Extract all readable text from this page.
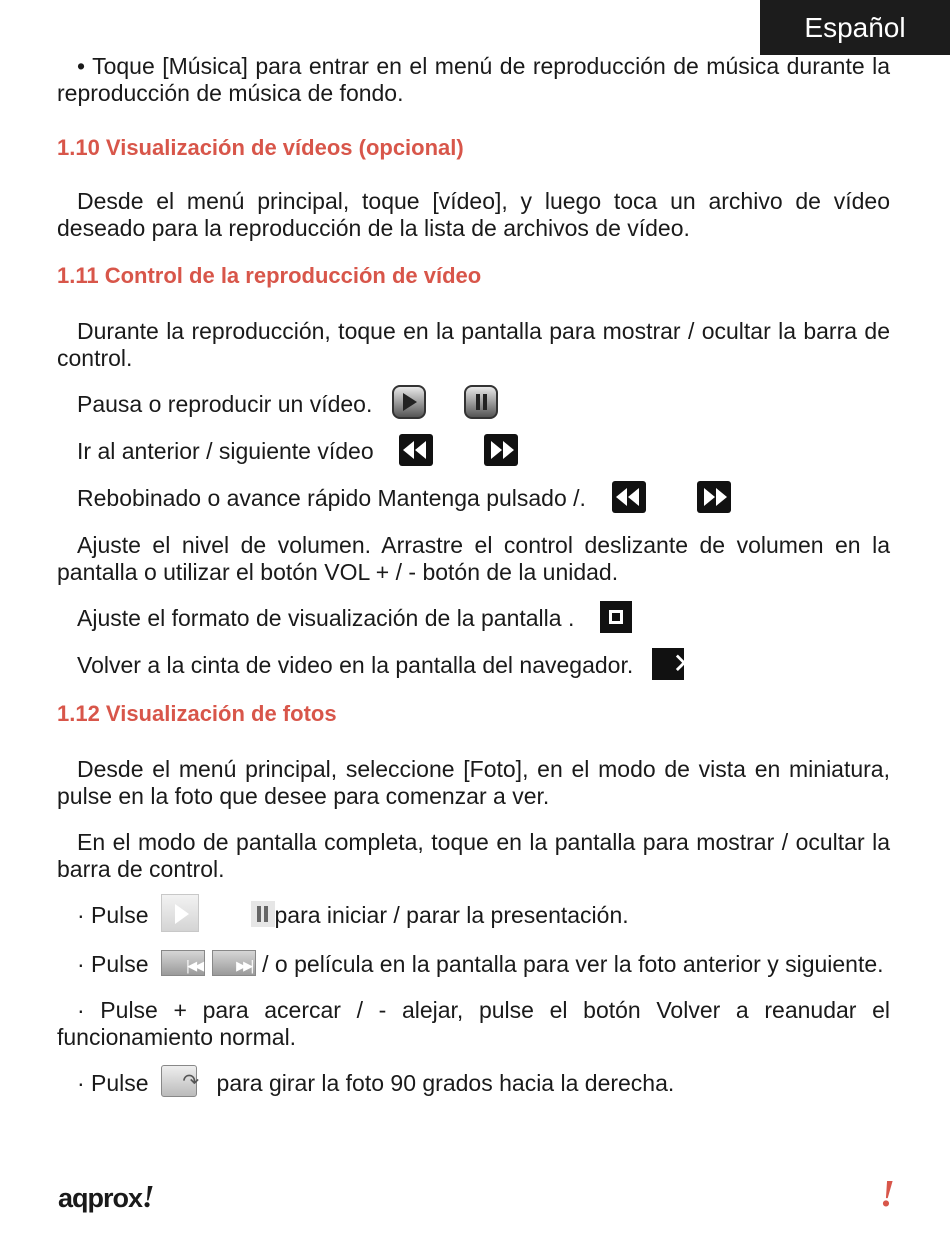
Español

• Toque [Música] para entrar en el menú de reproducción de música durante la reproducción de música de fondo.

1.10 Visualización de vídeos (opcional)

Desde el menú principal, toque [vídeo], y luego toca un archivo de vídeo deseado para la reproducción de la lista de archivos de vídeo.

1.11 Control de la reproducción de vídeo

Durante la reproducción, toque en la pantalla para mostrar / ocultar la barra de control.

Pausa o reproducir un vídeo.

Ir al anterior / siguiente vídeo

Rebobinado o avance rápido Mantenga pulsado /.

Ajuste el nivel de volumen. Arrastre el control deslizante de volumen en la pantalla o utilizar el botón VOL + / - botón de la unidad.

Ajuste el formato de visualización de la pantalla .

Volver a la cinta de video en la pantalla del navegador. ✕

1.12 Visualización de fotos

Desde el menú principal, seleccione [Foto], en el modo de vista en miniatura, pulse en la foto que desee para comenzar a ver.

En el modo de pantalla completa, toque en la pantalla para mostrar / ocultar la barra de control.

· Pulse	para iniciar / parar la presentación.

· Pulse |◀◀ ▶▶|	/ o película en la pantalla para ver la foto anterior y siguiente.

· Pulse + para acercar / - alejar, pulse el botón Volver a reanudar el funcionamiento normal.

· Pulse ↷	para girar la foto 90 grados hacia la derecha.

aqprox!	!
